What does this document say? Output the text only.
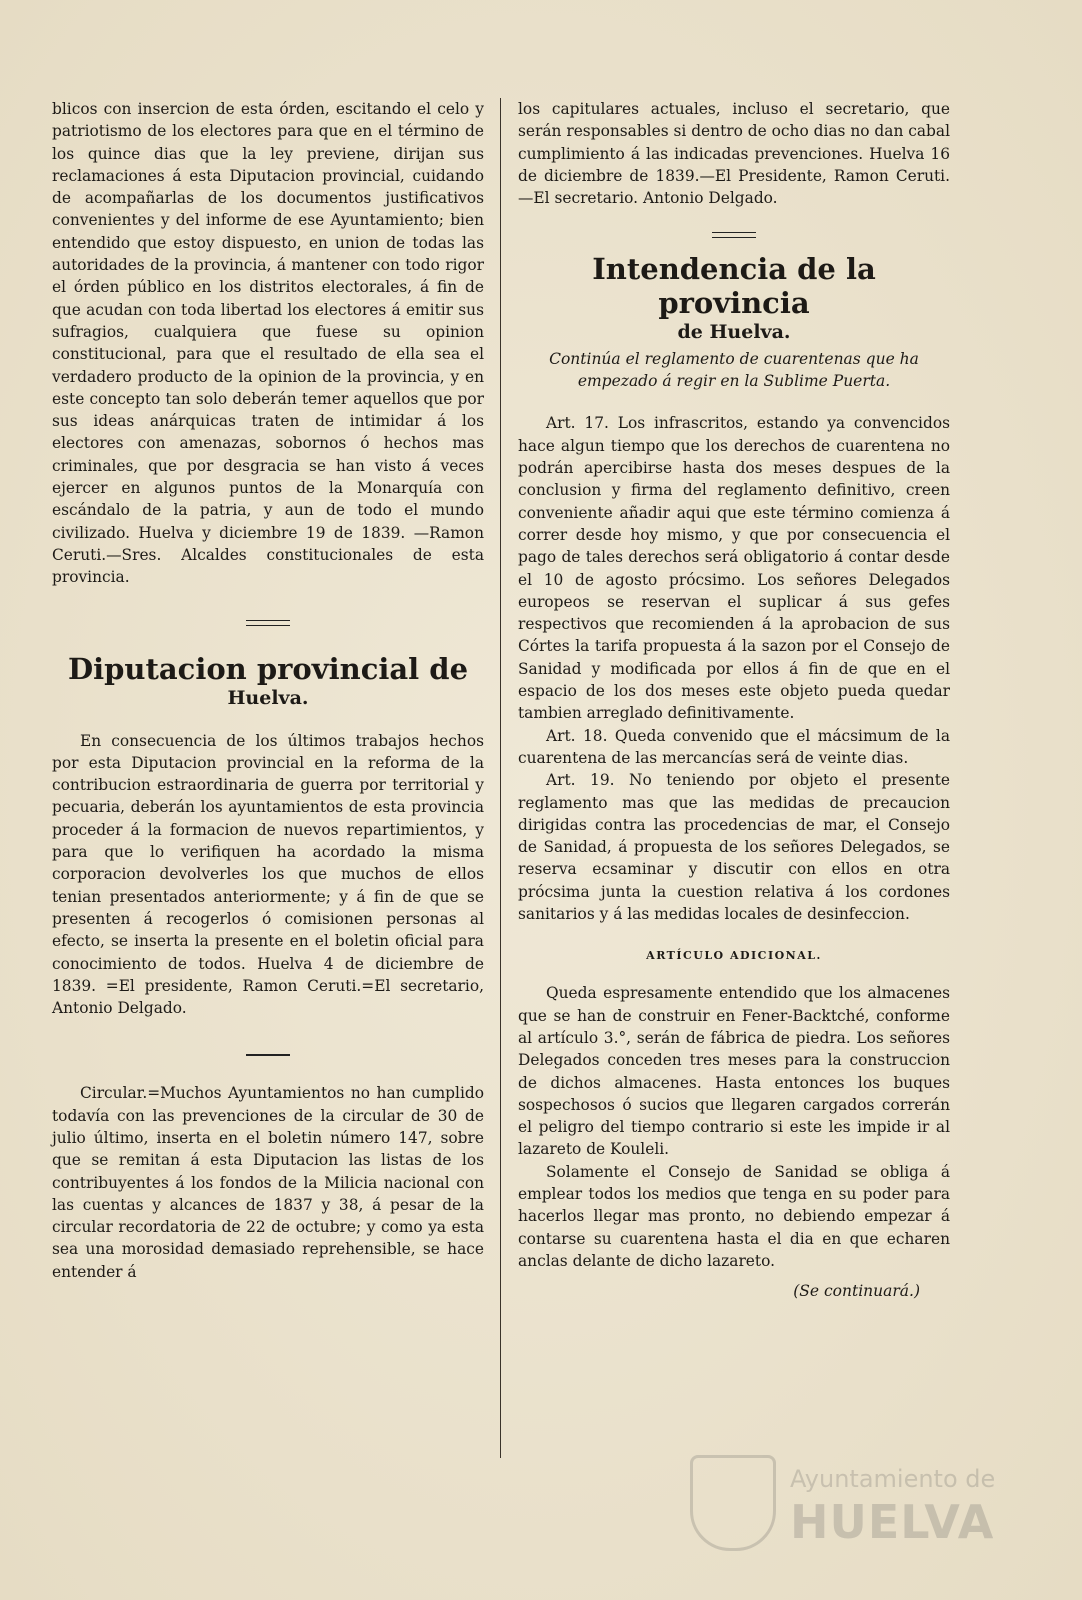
blicos con insercion de esta órden, escitando el celo y patriotismo de los electores para que en el término de los quince dias que la ley previene, dirijan sus reclamaciones á esta Diputacion provincial, cuidando de acompañarlas de los documentos justificativos convenientes y del informe de ese Ayuntamiento; bien entendido que estoy dispuesto, en union de todas las autoridades de la provincia, á mantener con todo rigor el órden público en los distritos electorales, á fin de que acudan con toda libertad los electores á emitir sus sufragios, cualquiera que fuese su opinion constitucional, para que el resultado de ella sea el verdadero producto de la opinion de la provincia, y en este concepto tan solo deberán temer aquellos que por sus ideas anárquicas traten de intimidar á los electores con amenazas, sobornos ó hechos mas criminales, que por desgracia se han visto á veces ejercer en algunos puntos de la Monarquía con escándalo de la patria, y aun de todo el mundo civilizado. Huelva y diciembre 19 de 1839. —Ramon Ceruti.—Sres. Alcaldes constitucionales de esta provincia.

Diputacion provincial de
Huelva.

En consecuencia de los últimos trabajos hechos por esta Diputacion provincial en la reforma de la contribucion estraordinaria de guerra por territorial y pecuaria, deberán los ayuntamientos de esta provincia proceder á la formacion de nuevos repartimientos, y para que lo verifiquen ha acordado la misma corporacion devolverles los que muchos de ellos tenian presentados anteriormente; y á fin de que se presenten á recogerlos ó comisionen personas al efecto, se inserta la presente en el boletin oficial para conocimiento de todos. Huelva 4 de diciembre de 1839. =El presidente, Ramon Ceruti.=El secretario, Antonio Delgado.

Circular.=Muchos Ayuntamientos no han cumplido todavía con las prevenciones de la circular de 30 de julio último, inserta en el boletin número 147, sobre que se remitan á esta Diputacion las listas de los contribuyentes á los fondos de la Milicia nacional con las cuentas y alcances de 1837 y 38, á pesar de la circular recordatoria de 22 de octubre; y como ya esta sea una morosidad demasiado reprehensible, se hace entender á

los capitulares actuales, incluso el secretario, que serán responsables si dentro de ocho dias no dan cabal cumplimiento á las indicadas prevenciones. Huelva 16 de diciembre de 1839.—El Presidente, Ramon Ceruti.—El secretario. Antonio Delgado.

Intendencia de la provincia
de Huelva.
Continúa el reglamento de cuarentenas que ha empezado á regir en la Sublime Puerta.

Art. 17. Los infrascritos, estando ya convencidos hace algun tiempo que los derechos de cuarentena no podrán apercibirse hasta dos meses despues de la conclusion y firma del reglamento definitivo, creen conveniente añadir aqui que este término comienza á correr desde hoy mismo, y que por consecuencia el pago de tales derechos será obligatorio á contar desde el 10 de agosto prócsimo. Los señores Delegados europeos se reservan el suplicar á sus gefes respectivos que recomienden á la aprobacion de sus Córtes la tarifa propuesta á la sazon por el Consejo de Sanidad y modificada por ellos á fin de que en el espacio de los dos meses este objeto pueda quedar tambien arreglado definitivamente.

Art. 18. Queda convenido que el mácsimum de la cuarentena de las mercancías será de veinte dias.

Art. 19. No teniendo por objeto el presente reglamento mas que las medidas de precaucion dirigidas contra las procedencias de mar, el Consejo de Sanidad, á propuesta de los señores Delegados, se reserva ecsaminar y discutir con ellos en otra prócsima junta la cuestion relativa á los cordones sanitarios y á las medidas locales de desinfeccion.

ARTÍCULO ADICIONAL.

Queda espresamente entendido que los almacenes que se han de construir en Fener-Backtché, conforme al artículo 3.°, serán de fábrica de piedra. Los señores Delegados conceden tres meses para la construccion de dichos almacenes. Hasta entonces los buques sospechosos ó sucios que llegaren cargados correrán el peligro del tiempo contrario si este les impide ir al lazareto de Kouleli.

Solamente el Consejo de Sanidad se obliga á emplear todos los medios que tenga en su poder para hacerlos llegar mas pronto, no debiendo empezar á contarse su cuarentena hasta el dia en que echaren anclas delante de dicho lazareto.

(Se continuará.)
Ayuntamiento de
HUELVA
